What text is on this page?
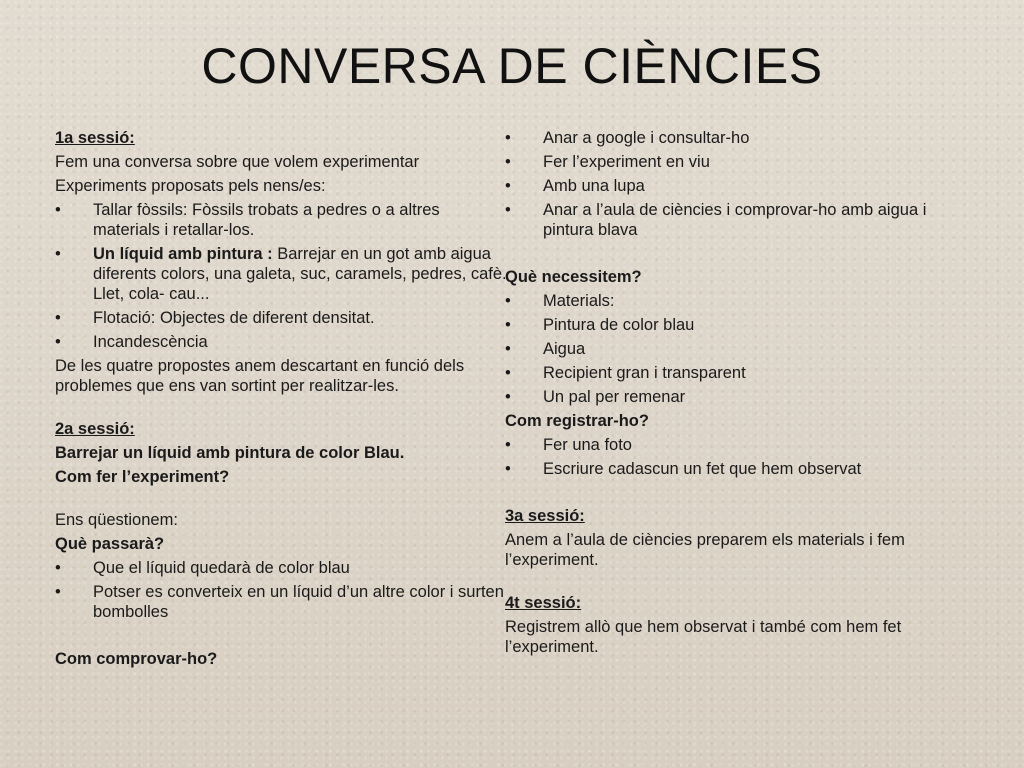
CONVERSA DE CIÈNCIES

1a sessió:

Fem una conversa sobre que volem experimentar

Experiments proposats pels nens/es:

• Tallar fòssils: Fòssils trobats a pedres o a altres materials i retallar-los.
• Un líquid amb pintura : Barrejar en un got amb aigua diferents colors, una galeta, suc, caramels, pedres, cafè. Llet, cola- cau...
• Flotació: Objectes de diferent densitat.
• Incandescència

De les quatre propostes anem descartant en funció dels problemes que ens van sortint per realitzar-les.

2a sessió:

Barrejar un líquid amb pintura de color Blau.

Com fer l’experiment?

Ens qüestionem:

Què passarà?

• Que el líquid quedarà de color blau
• Potser es converteix en un líquid d’un altre color i surten bombolles

Com comprovar-ho?

• Anar a google i consultar-ho
• Fer l’experiment en viu
• Amb una lupa
• Anar a l’aula de ciències i comprovar-ho amb aigua i pintura blava

Què necessitem?

• Materials:
• Pintura de color blau
• Aigua
• Recipient gran i transparent
• Un pal per remenar

Com registrar-ho?

• Fer una foto
• Escriure cadascun un fet que hem observat

3a sessió:

Anem a l’aula de ciències preparem els materials i fem l’experiment.

4t sessió:

Registrem allò que hem observat i també com hem fet l’experiment.
